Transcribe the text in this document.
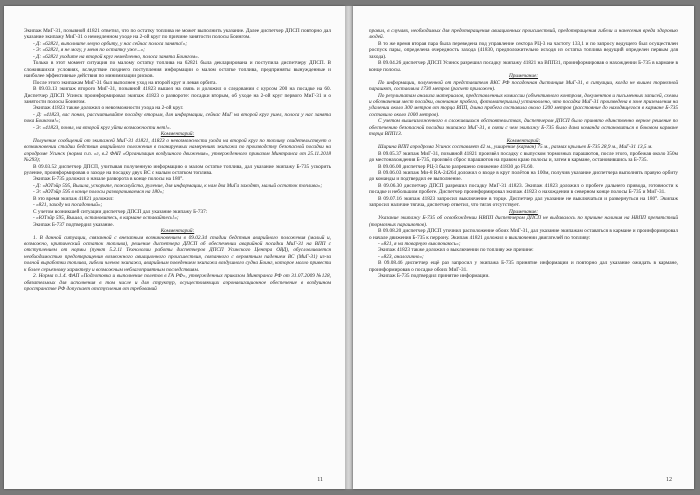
Экипаж МиГ-31, позывной 41821 ответил, что по остатку топлива не может выполнить указание. Далее диспетчер ДПСП повторно дал указание экипажу МиГ-31 о немедленном уходе на 2-ой круг по причине занятости полосы Боингом.

- Д: «62821, выполните левую орбиту, у нас сейчас полоса занята!»;

- Э: «62821, я не могу, у меня по остатку уже...»;

- Д: «62821 уходите на второй круг немедленно, полоса занята Боингом».

Только в этот момент ситуация по малому остатку топлива на 62821 была декларирована и поступила диспетчеру ДПСП. В сложившихся условиях, вследствие позднего поступления информации о малом остатке топлива, предприняты вынужденные и наиболее эффективные действия по минимизации рисков.

После этого экипажам МиГ-31 был выполнен уход на второй круг и левая орбита.

В 09.03.13 экипаж второго МиГ-31, позывной 41823 вышел на связь и доложил о следовании с курсом 200 на посадке на 60. Диспетчер ДПСП Усинск проинформировал экипаж 41823 о развороте: посадки вторым, об уходе на 2-ой круг первого МиГ-31 и о занятости полосы Боингом.

Экипаж 41823 также доложил о невозможности ухода на 2-ой круг.

- Д: «41823, вас понял, рассчитывайте посадку вторым, для информации, сейчас МиГ на второй круг ушел, полоса у нас занята пока Боингом!»;

- Э: «41823, понял, на второй круг уйти возможности нет!».

Комментарий:

Получение сообщений от экипажей МиГ-31 41821, 41823 о невозможности ухода на второй круг по топливу свидетельствует о возникновении стадии бедствия аварийного положения в планируемых намерениях экипажа по производству безопасной посадки на аэродроме Усинск (норма п.п. «г, в.2 ФАП «Организация воздушного движения», утвержденного приказом Минтранса от 25.11.2018 №293);

В 09.03.52 диспетчер ДПСП, учитывая полученную информацию о малом остатке топлива, дал указание экипажу Б-735 ускорить руление, проинформировав о заходе на посадку двух ВС с малым остатком топлива.

Экипаж Б-735 доложил о начале разворота в конце полосы на 180°.

- Д: «ЮТэйр 595, Вышла, ускорьте, пожалуйста, руление, для информации, к нам два МиГа заходят, малый остаток топлива»;

- Э: «ЮТэйр 595 в конце полосы разворачиваемся на 180»;

В это время экипаж 41821 доложил:

- «821, заходу на посадочный»;

С учетом возникшей ситуации диспетчер ДПСП дал указание экипажу Б-737:

- «ЮТэйр 595, Вышла, остановитесь, в кармане оставайтесь!»;

Экипаж Б-737 подтвердил указание.

Комментарий:

1. В данной ситуации, связанной с внезапным возникновением в 09.02.34 стадии бедствия аварийного положения (малый и, возможно, критический остаток топлива), решение диспетчера ДПСП об обеспечении аварийной посадки МиГ-31 на ВПП с отступлением от нормы (пункт 5.2.11 Технологии работы диспетчеров ДПСП Усинского Центра ОВД), обусловливается необходимостью предотвращения возможного авиационного происшествия, связанного с вероятным падением ВС (МиГ-31) из-за полной выработки топлива, гибели членов экипажа, аварийным поведением экипажа воздушного судна Боинг, которое могло привести к более серьезному характеру и возможным неблагоприятным последствиям.

2. Норма п.1.4. ФАП «Подготовка и выполнение полетов в ГА РФ», утвержденных приказом Минтранса РФ от 31.07.2009 №128, обязательных для исполнения в том числе и для структур, осуществляющих аэронавигационное обеспечение в воздушном пространстве РФ допускает отступления от требований

11

правил, в случаях, необходимых для предотвращения авиационных происшествий, предотвращения гибели и нанесения вреда здоровью людей.

В то же время вторая пара была переведена под управление сектора РЦ-3 на частоту 133,1 и по запросу ведущего был осуществлен роспуск пары, определена очередность захода (41830, предположительно исходя из остатка топлива ведущий определен первым для захода).

В 09.04.26 диспетчер ДПСП Усинск разрешил посадку экипажу 41821 на ВПП31, проинформировав о нахождении Б-735 в кармане в конце полосы.

Примечание:

По информации, полученной от представителя ВКС РФ посадочная дистанция МиГ-31, в ситуации, когда не вышел тормозной парашют, составляла 1730 метров (расчет приложен).

По результатам анализа материалов, представленных комиссии (объективного контроля, документов и письменных записей, схемы и обозначения мест посадки, окончание пробега, фотоматериалы) установлено, что посадка МиГ-31 произведена в зоне приземления на удалении около 300 метров от торца ВПП, длина пробега составила около 1200 метров (расстояние до находящегося в кармане Б-735 составило около 1000 метров).

С учетом вышеизложенного в сложившихся обстоятельствах, диспетчером ДПСП было принято единственно верное решение по обеспечению безопасной посадки экипажа МиГ-31, в связи с чем экипажу Б-735 было дана команда остановиться в боковом кармане торца ВПП13.

Комментарий:

Ширина ВПП аэродрома Усинск составляет 42 м., уширение (карман) 75 м., размах крыльев Б-735 28,9 м., МиГ-31 13,5 м.

В 09.05.37 экипаж МиГ-31, позывной 41821 произвёл посадку с выпуском тормозных парашютов, после этого, пробежав около 350м до местонахождения Б-735, произвёл сброс парашютов на правом краю полосы и, затем в кармане, остановившись за Б-735.

В 09.06.00 диспетчер РЦ-3 было разрешено снижение 41830 до FL60.

В 09.06.03 экипаж Ми-8 RA-24264 доложил о входе в круг полётов на 100м, получив указание диспетчера выполнять правую орбиту до команды и подтвердил ее выполнение.

В 09.06.30 диспетчер ДПСП разрешил посадку МиГ-31 41823. Экипаж 41823 доложил о пробеге дальнего привода, готовности к посадке и небольшом пробеге. Диспетчер проинформировал экипаж 41823 о нахождении в северном конце полосы Б-735 и МиГ-31.

В 09.07.16 экипаж 41823 запросил выключение в торце. Диспетчер дал указание не выключаться и развернуться на 180°. Экипаж запросил наличие тягача, диспетчер ответил, что тягач отсутствует.

Примечание:

Указание экипажу Б-735 об освобождении НВПП диспетчером ДПСП не выдавалось по причине наличия на НВПП препятствий (тормозных парашютов).

В 09.08.20 диспетчер ДПСП уточнил расположение обоих МиГ-31, дал указание экипажам оставаться в кармане и проинформировал о начале движения Б-735 к перрону. Экипаж 41821 доложил о выключении двигателей по топливу:

- «821, я на товарную выключаюсь»;

Экипаж 41823 также доложил о выключении по топливу же причине:

- «823, аналогично»;

В 09.08.46 диспетчер ещё раз запросил у экипажа Б-735 принятие информации и повторно дал указание ожидать в кармане, проинформировав о посадке обоих МиГ-31.

Экипаж Б-735 подтвердил принятие информации.

12
